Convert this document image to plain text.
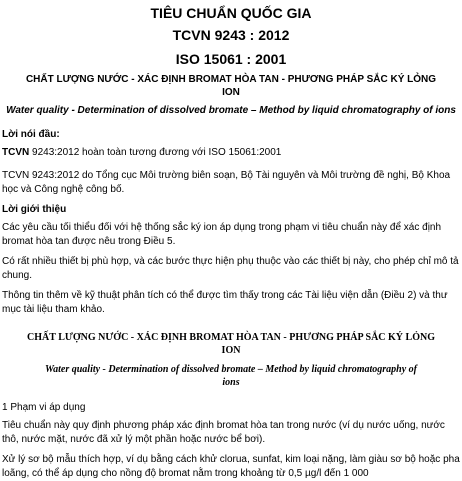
TIÊU CHUẨN QUỐC GIA
TCVN 9243 : 2012
ISO 15061 : 2001
CHẤT LƯỢNG NƯỚC - XÁC ĐỊNH BROMAT HÒA TAN - PHƯƠNG PHÁP SẮC KÝ LỎNG ION
Water quality - Determination of dissolved bromate – Method by liquid chromatography of ions
Lời nói đầu:
TCVN 9243:2012 hoàn toàn tương đương với ISO 15061:2001
TCVN 9243:2012 do Tổng cục Môi trường biên soạn, Bộ Tài nguyên và Môi trường đề nghị, Bộ Khoa học và Công nghệ công bố.
Lời giới thiệu
Các yêu cầu tối thiểu đối với hệ thống sắc ký ion áp dụng trong phạm vi tiêu chuẩn này để xác định bromat hòa tan được nêu trong Điều 5.
Có rất nhiều thiết bị phù hợp, và các bước thực hiện phụ thuộc vào các thiết bị này, cho phép chỉ mô tả chung.
Thông tin thêm về kỹ thuật phân tích có thể được tìm thấy trong các Tài liệu viện dẫn (Điều 2) và thư mục tài liệu tham khảo.
CHẤT LƯỢNG NƯỚC - XÁC ĐỊNH BROMAT HÒA TAN - PHƯƠNG PHÁP SẮC KÝ LỎNG ION
Water quality - Determination of dissolved bromate – Method by liquid chromatography of ions
1 Phạm vi áp dụng
Tiêu chuẩn này quy định phương pháp xác định bromat hòa tan trong nước (ví dụ nước uống, nước thô, nước mặt, nước đã xử lý một phần hoặc nước bể bơi).
Xử lý sơ bộ mẫu thích hợp, ví dụ bằng cách khử clorua, sunfat, kim loại nặng, làm giàu sơ bộ hoặc pha loãng, có thể áp dụng cho nồng độ bromat nằm trong khoảng từ 0,5 µg/l đến 1 000
